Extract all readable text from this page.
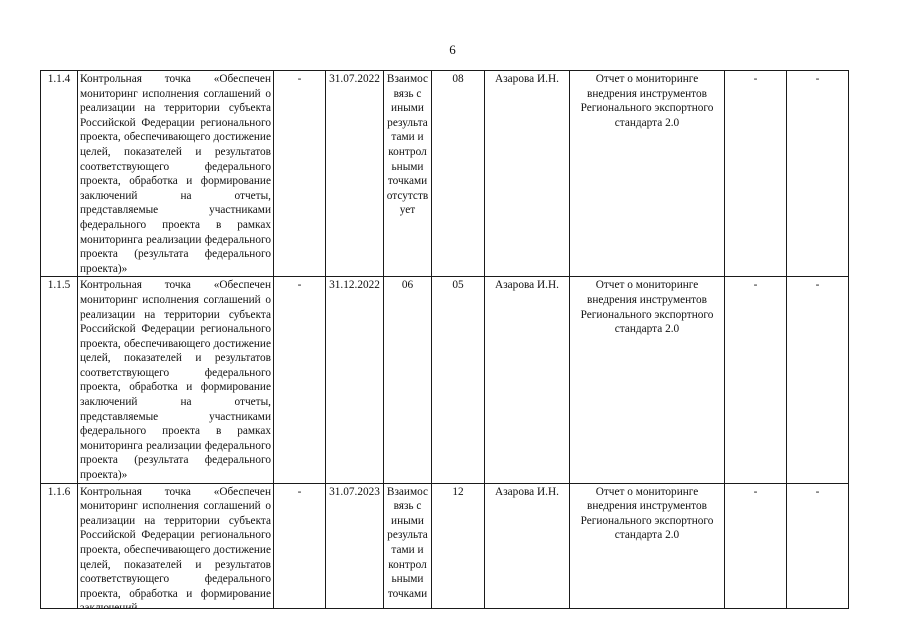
6
1.1.4	Контрольная точка «Обеспечен мониторинг исполнения соглашений о реализации на территории субъекта Российской Федерации регионального проекта, обеспечивающего достижение целей, показателей и результатов соответствующего федерального проекта, обработка и формирование заключений на отчеты, представляемые участниками федерального проекта в рамках мониторинга реализации федерального проекта (результата федерального проекта)»	-	31.07.2022	Взаимосвязь с иными результатами и контрольными точками отсутствует	08	Азарова И.Н.	Отчет о мониторинге внедрения инструментов Регионального экспортного стандарта 2.0	-	-
1.1.5	Контрольная точка «Обеспечен мониторинг исполнения соглашений о реализации на территории субъекта Российской Федерации регионального проекта, обеспечивающего достижение целей, показателей и результатов соответствующего федерального проекта, обработка и формирование заключений на отчеты, представляемые участниками федерального проекта в рамках мониторинга реализации федерального проекта (результата федерального проекта)»	-	31.12.2022	06	05	Азарова И.Н.	Отчет о мониторинге внедрения инструментов Регионального экспортного стандарта 2.0	-	-
1.1.6	Контрольная точка «Обеспечен мониторинг исполнения соглашений о реализации на территории субъекта Российской Федерации регионального проекта, обеспечивающего достижение целей, показателей и результатов соответствующего федерального проекта, обработка и формирование	-	31.07.2023	Взаимосвязь с иными результатами и контрольными точками	12	Азарова И.Н.	Отчет о мониторинге внедрения инструментов Регионального экспортного стандарта 2.0	-	-
